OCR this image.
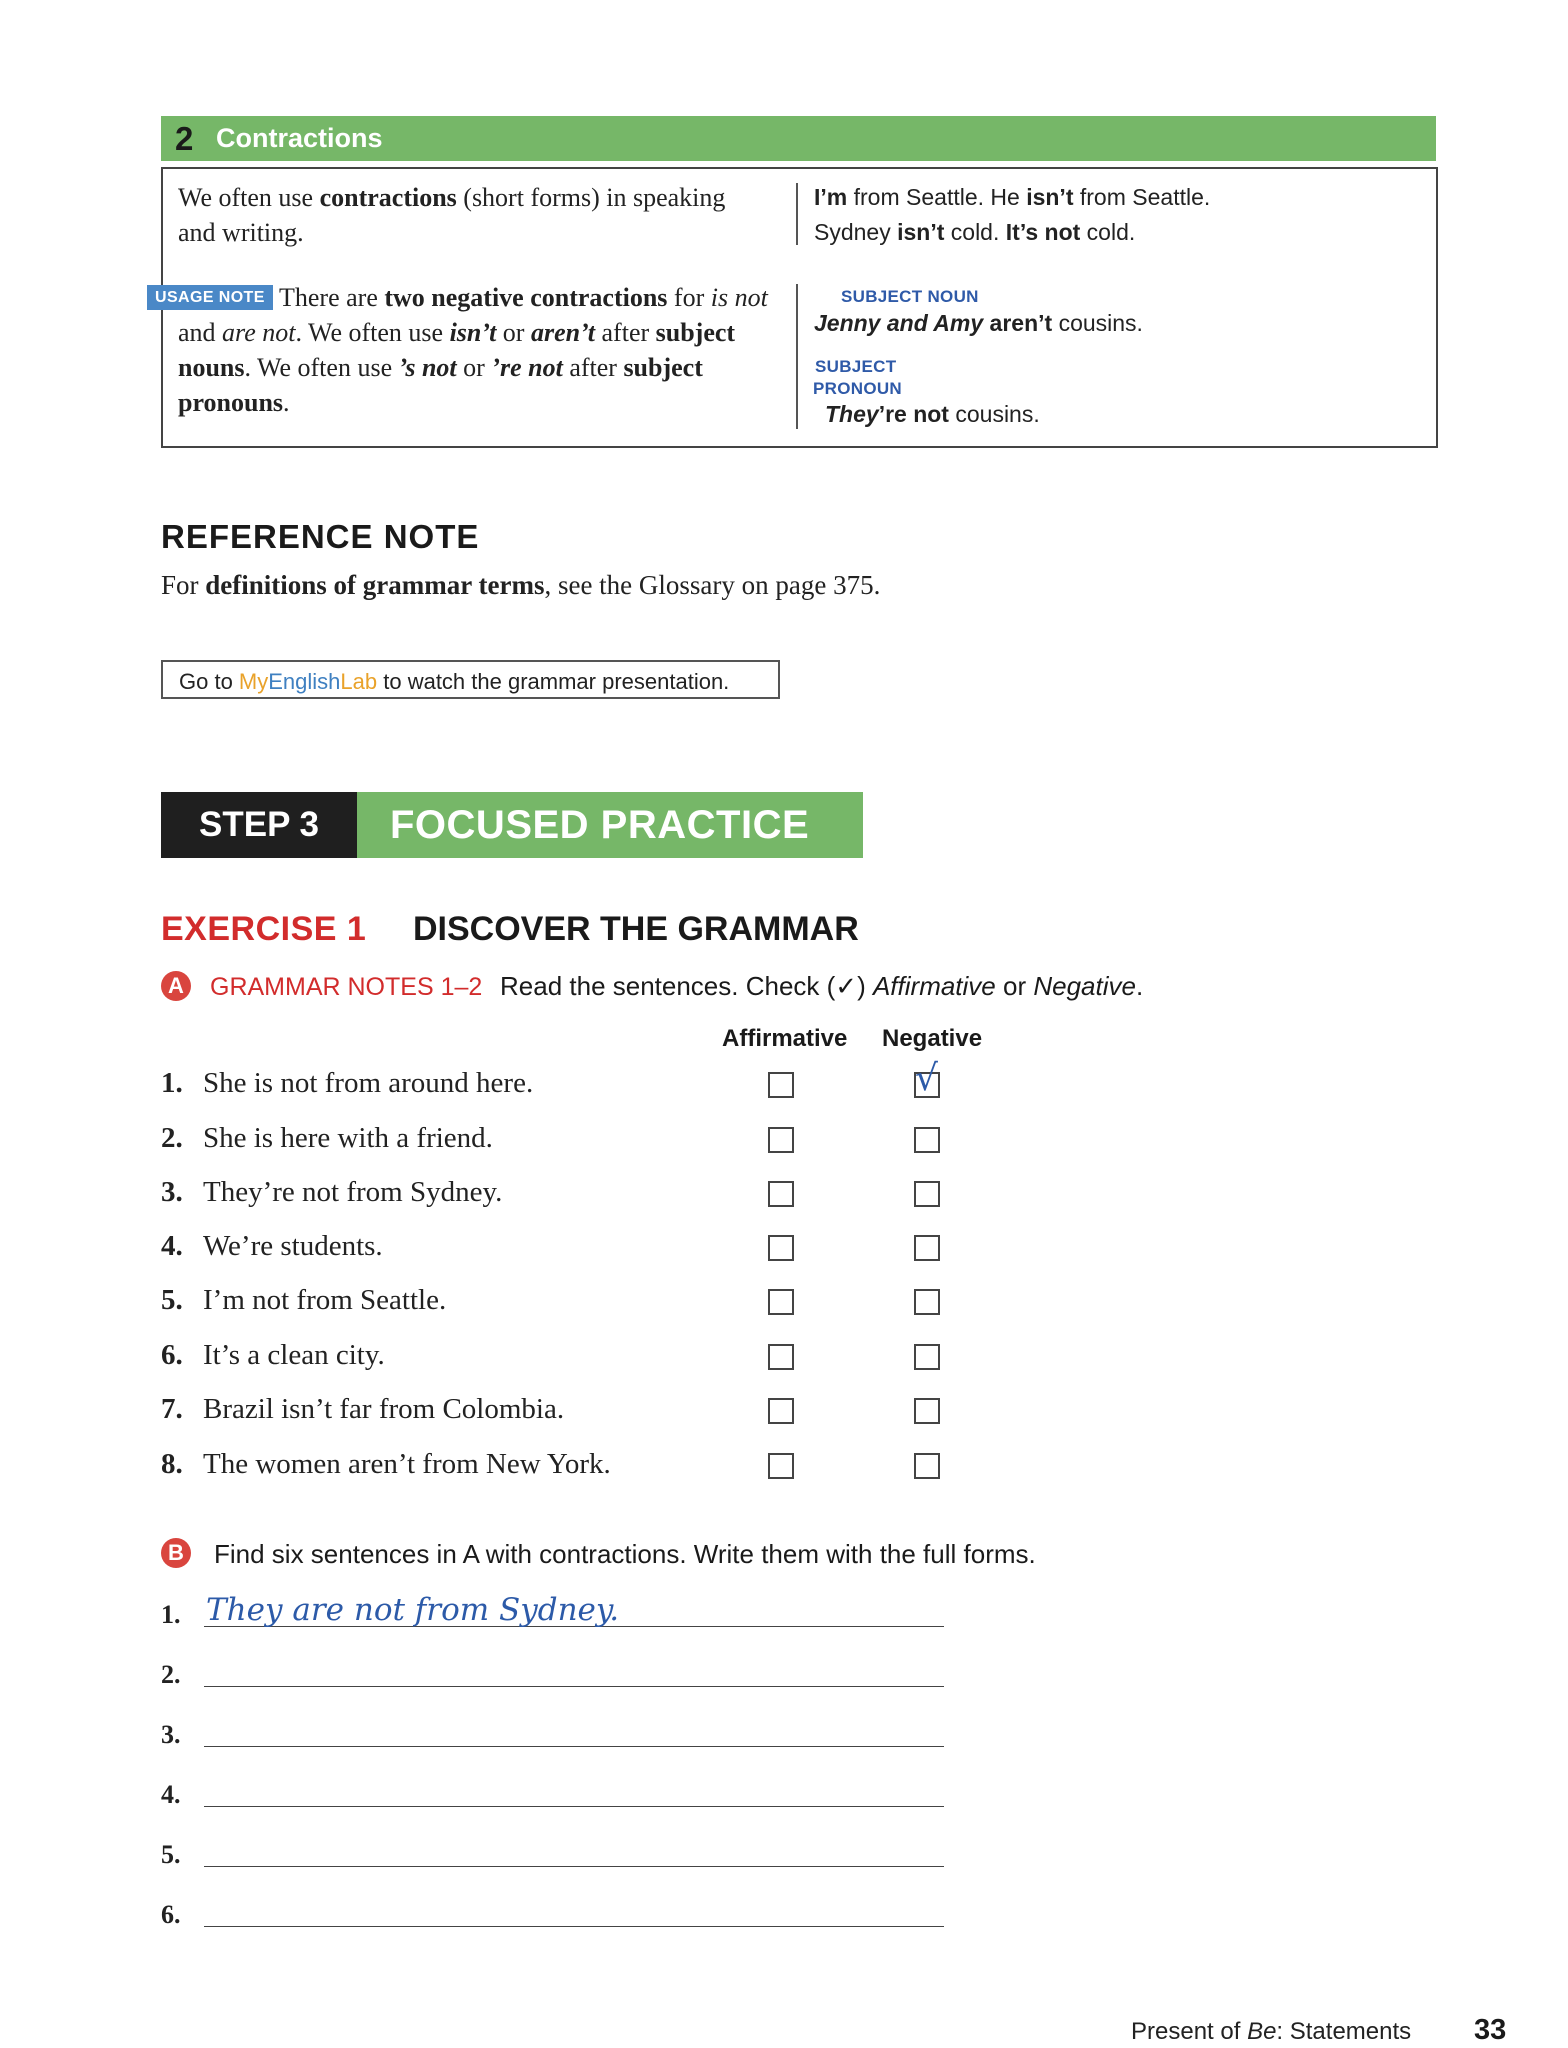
2 Contractions
We often use contractions (short forms) in speaking and writing.
USAGE NOTE There are two negative contractions for is not and are not. We often use isn’t or aren’t after subject nouns. We often use ’s not or ’re not after subject pronouns.
I’m from Seattle. He isn’t from Seattle.
Sydney isn’t cold. It’s not cold.
SUBJECT NOUN
Jenny and Amy aren’t cousins.
SUBJECT
PRONOUN
They’re not cousins.
REFERENCE NOTE
For definitions of grammar terms, see the Glossary on page 375.
Go to MyEnglishLab to watch the grammar presentation.
STEP 3	FOCUSED PRACTICE
EXERCISE 1 DISCOVER THE GRAMMAR
A GRAMMAR NOTES 1–2 Read the sentences. Check (✓) Affirmative or Negative.
Affirmative Negative
1. She is not from around here.	√
2. She is here with a friend.
3. They’re not from Sydney.
4. We’re students.
5. I’m not from Seattle.
6. It’s a clean city.
7. Brazil isn’t far from Colombia.
8. The women aren’t from New York.
B Find six sentences in A with contractions. Write them with the full forms.
1. They are not from Sydney.
2.
3.
4.
5.
6.
Present of Be: Statements 33
